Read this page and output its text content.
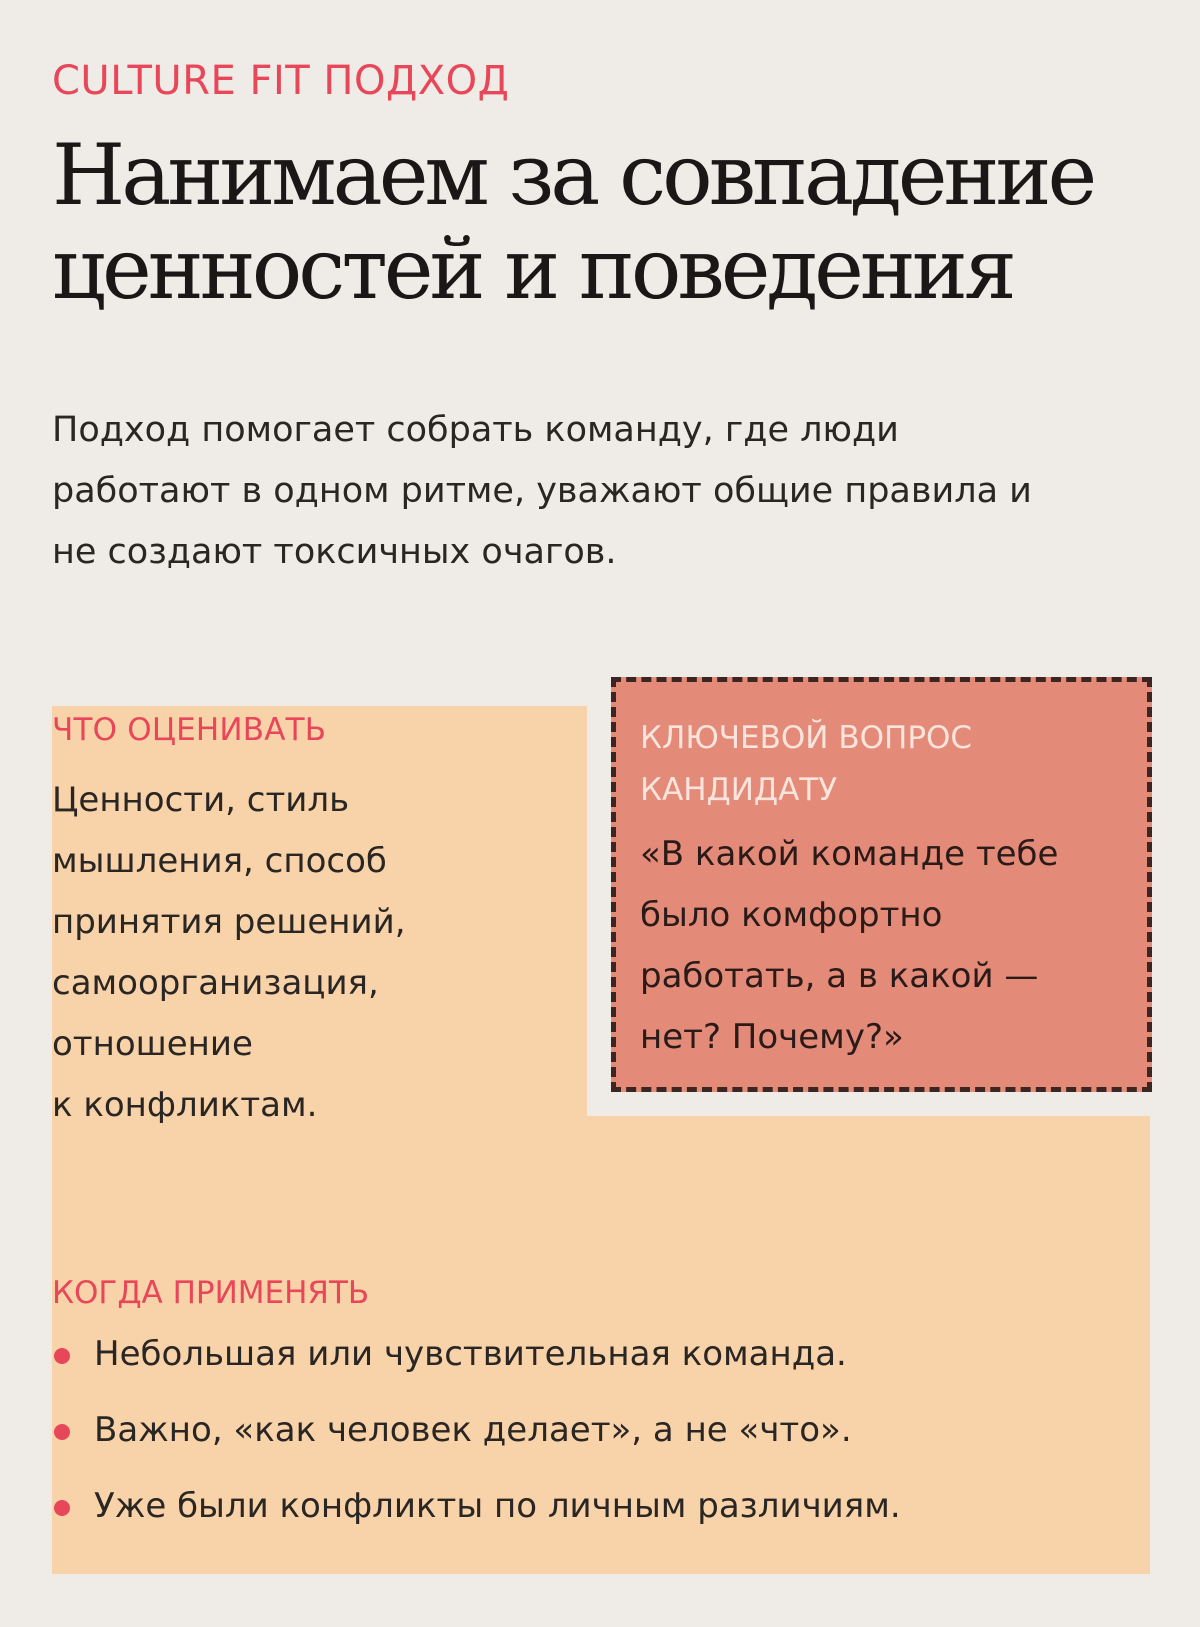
CULTURE FIT ПОДХОД
Нанимаем за совпадение
ценностей и поведения
Подход помогает собрать команду, где люди
работают в одном ритме, уважают общие правила и
не создают токсичных очагов.
ЧТО ОЦЕНИВАТЬ
Ценности, стиль
мышления, способ
принятия решений,
самоорганизация,
отношение
к конфликтам.
КЛЮЧЕВОЙ ВОПРОС
КАНДИДАТУ
«В какой команде тебе
было комфортно
работать, а в какой —
нет? Почему?»
КОГДА ПРИМЕНЯТЬ
Небольшая или чувствительная команда.
Важно, «как человек делает», а не «что».
Уже были конфликты по личным различиям.
